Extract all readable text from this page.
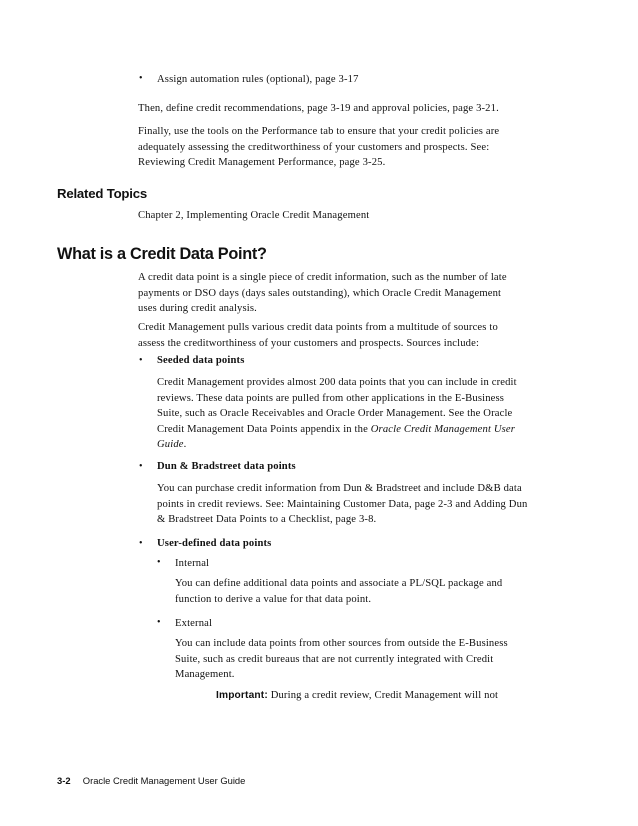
• Assign automation rules (optional), page 3-17

Then, define credit recommendations, page 3-19 and approval policies, page 3-21.

Finally, use the tools on the Performance tab to ensure that your credit policies are adequately assessing the creditworthiness of your customers and prospects. See: Reviewing Credit Management Performance, page 3-25.

Related Topics

Chapter 2, Implementing Oracle Credit Management

What is a Credit Data Point?

A credit data point is a single piece of credit information, such as the number of late payments or DSO days (days sales outstanding), which Oracle Credit Management uses during credit analysis.

Credit Management pulls various credit data points from a multitude of sources to assess the creditworthiness of your customers and prospects. Sources include:

• Seeded data points

Credit Management provides almost 200 data points that you can include in credit reviews. These data points are pulled from other applications in the E-Business Suite, such as Oracle Receivables and Oracle Order Management. See the Oracle Credit Management Data Points appendix in the Oracle Credit Management User Guide.

• Dun & Bradstreet data points

You can purchase credit information from Dun & Bradstreet and include D&B data points in credit reviews. See: Maintaining Customer Data, page 2-3 and Adding Dun & Bradstreet Data Points to a Checklist, page 3-8.

• User-defined data points

• Internal

You can define additional data points and associate a PL/SQL package and function to derive a value for that data point.

• External

You can include data points from other sources from outside the E-Business Suite, such as credit bureaus that are not currently integrated with Credit Management.

Important: During a credit review, Credit Management will not

3-2 Oracle Credit Management User Guide
